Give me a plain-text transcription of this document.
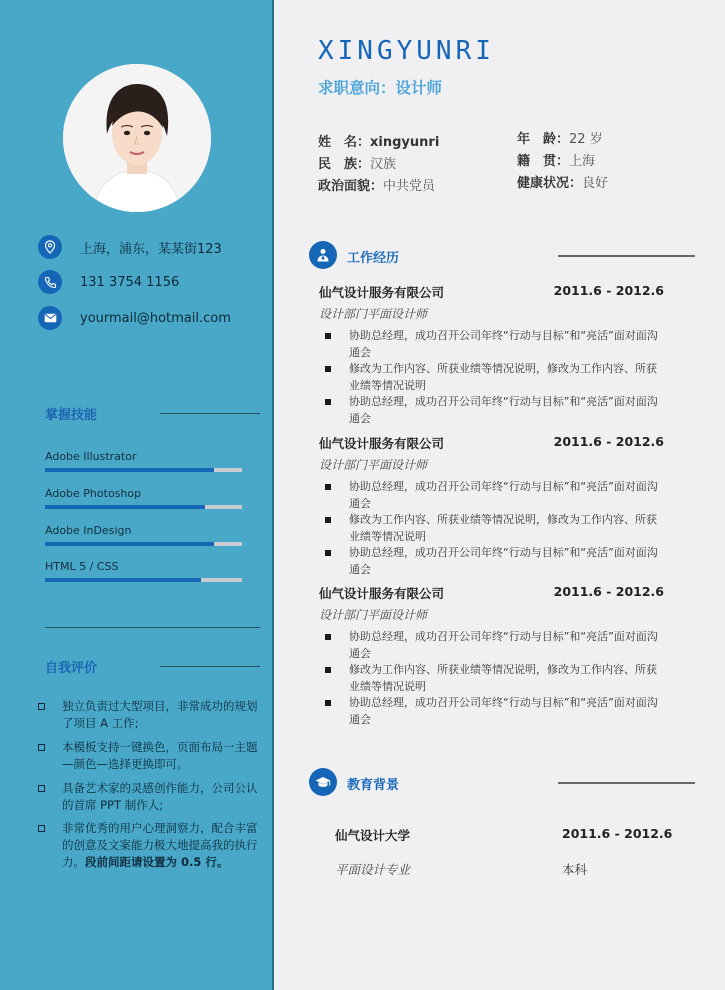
上海，浦东，某某街123
131 3754 1156
yourmail@hotmail.com
掌握技能
Adobe Illustrator
Adobe Photoshop
Adobe InDesign
HTML 5 / CSS
自我评价
独立负责过大型项目，非常成功的规划了项目 A 工作;
本模板支持一键换色，页面布局一主题—颜色—选择更换即可。
具备艺术家的灵感创作能力，公司公认的首席 PPT 制作人;
非常优秀的用户心理洞察力，配合丰富的创意及文案能力极大地提高我的执行力。段前间距请设置为 0.5 行。
XINGYUNRI
求职意向：设计师
姓　名：xingyunri
民　族：汉族
政治面貌：中共党员
年　龄：22 岁
籍　贯：上海
健康状况：良好
工作经历
仙气设计服务有限公司	2011.6 - 2012.6
设计部门平面设计师
协助总经理，成功召开公司年终“行动与目标”和“亮活”面对面沟通会
修改为工作内容、所获业绩等情况说明，修改为工作内容、所获业绩等情况说明
协助总经理，成功召开公司年终“行动与目标”和“亮活”面对面沟通会
仙气设计服务有限公司	2011.6 - 2012.6
设计部门平面设计师
协助总经理，成功召开公司年终“行动与目标”和“亮活”面对面沟通会
修改为工作内容、所获业绩等情况说明，修改为工作内容、所获业绩等情况说明
协助总经理，成功召开公司年终“行动与目标”和“亮活”面对面沟通会
仙气设计服务有限公司	2011.6 - 2012.6
设计部门平面设计师
协助总经理，成功召开公司年终“行动与目标”和“亮活”面对面沟通会
修改为工作内容、所获业绩等情况说明，修改为工作内容、所获业绩等情况说明
协助总经理，成功召开公司年终“行动与目标”和“亮活”面对面沟通会
教育背景
仙气设计大学	2011.6 - 2012.6
平面设计专业	本科
